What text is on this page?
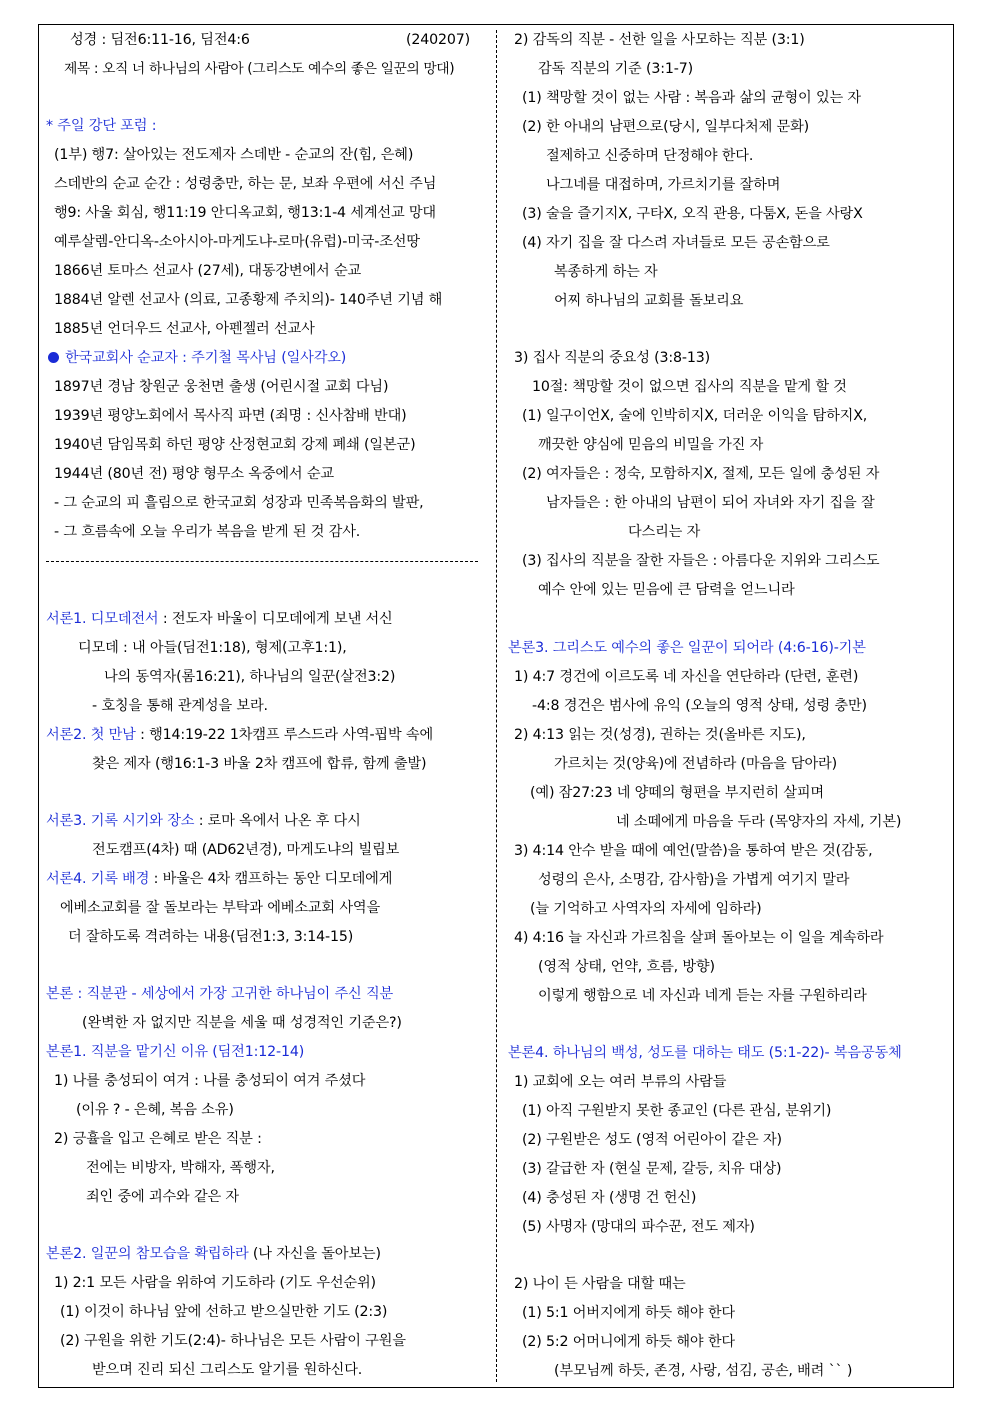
성경 : 딤전6:11-16, 딤전4:6	(240207)
제목 : 오직 너 하나님의 사람아 (그리스도 예수의 좋은 일꾼의 망대)
* 주일 강단 포럼 :
(1부) 행7: 살아있는 전도제자 스데반 - 순교의 잔(힘, 은혜)
스데반의 순교 순간 : 성령충만, 하는 문, 보좌 우편에 서신 주님
행9: 사울 회심, 행11:19 안디옥교회, 행13:1-4 세계선교 망대
예루살렘-안디옥-소아시아-마게도냐-로마(유럽)-미국-조선땅
1866년 토마스 선교사 (27세), 대동강변에서 순교
1884년 알렌 선교사 (의료, 고종황제 주치의)- 140주년 기념 해
1885년 언더우드 선교사, 아펜젤러 선교사
한국교회사 순교자 : 주기철 목사님 (일사각오)
1897년 경남 창원군 웅천면 출생 (어린시절 교회 다님)
1939년 평양노회에서 목사직 파면 (죄명 : 신사참배 반대)
1940년 담임목회 하던 평양 산정현교회 강제 폐쇄 (일본군)
1944년 (80년 전) 평양 형무소 옥중에서 순교
- 그 순교의 피 흘림으로 한국교회 성장과 민족복음화의 발판,
- 그 흐름속에 오늘 우리가 복음을 받게 된 것 감사.
서론1. 디모데전서 : 전도자 바울이 디모데에게 보낸 서신
디모데 : 내 아들(딤전1:18), 형제(고후1:1),
나의 동역자(롬16:21), 하나님의 일꾼(살전3:2)
- 호칭을 통해 관계성을 보라.
서론2. 첫 만남 : 행14:19-22 1차캠프 루스드라 사역-핍박 속에
찾은 제자 (행16:1-3 바울 2차 캠프에 합류, 함께 출발)
서론3. 기록 시기와 장소 : 로마 옥에서 나온 후 다시
전도캠프(4차) 때 (AD62년경), 마게도냐의 빌립보
서론4. 기록 배경 : 바울은 4차 캠프하는 동안 디모데에게
에베소교회를 잘 돌보라는 부탁과 에베소교회 사역을
더 잘하도록 격려하는 내용(딤전1:3, 3:14-15)
본론 : 직분관 - 세상에서 가장 고귀한 하나님이 주신 직분
(완벽한 자 없지만 직분을 세울 때 성경적인 기준은?)
본론1. 직분을 맡기신 이유 (딤전1:12-14)
1) 나를 충성되이 여겨 : 나를 충성되이 여겨 주셨다
(이유 ? - 은혜, 복음 소유)
2) 긍휼을 입고 은혜로 받은 직분 :
전에는 비방자, 박해자, 폭행자,
죄인 중에 괴수와 같은 자
본론2. 일꾼의 참모습을 확립하라 (나 자신을 돌아보는)
1) 2:1 모든 사람을 위하여 기도하라 (기도 우선순위)
(1) 이것이 하나님 앞에 선하고 받으실만한 기도 (2:3)
(2) 구원을 위한 기도(2:4)- 하나님은 모든 사람이 구원을
받으며 진리 되신 그리스도 알기를 원하신다.
2) 감독의 직분 - 선한 일을 사모하는 직분 (3:1)
감독 직분의 기준 (3:1-7)
(1) 책망할 것이 없는 사람 : 복음과 삶의 균형이 있는 자
(2) 한 아내의 남편으로(당시, 일부다처제 문화)
절제하고 신중하며 단정해야 한다.
나그네를 대접하며, 가르치기를 잘하며
(3) 술을 즐기지X, 구타X, 오직 관용, 다툼X, 돈을 사랑X
(4) 자기 집을 잘 다스려 자녀들로 모든 공손함으로
복종하게 하는 자
어찌 하나님의 교회를 돌보리요
3) 집사 직분의 중요성 (3:8-13)
10절: 책망할 것이 없으면 집사의 직분을 맡게 할 것
(1) 일구이언X, 술에 인박히지X, 더러운 이익을 탐하지X,
깨끗한 양심에 믿음의 비밀을 가진 자
(2) 여자들은 : 정숙, 모함하지X, 절제, 모든 일에 충성된 자
남자들은 : 한 아내의 남편이 되어 자녀와 자기 집을 잘
다스리는 자
(3) 집사의 직분을 잘한 자들은 : 아름다운 지위와 그리스도
예수 안에 있는 믿음에 큰 담력을 얻느니라
본론3. 그리스도 예수의 좋은 일꾼이 되어라 (4:6-16)-기본
1) 4:7 경건에 이르도록 네 자신을 연단하라 (단련, 훈련)
-4:8 경건은 범사에 유익 (오늘의 영적 상태, 성령 충만)
2) 4:13 읽는 것(성경), 권하는 것(올바른 지도),
가르치는 것(양육)에 전념하라 (마음을 담아라)
(예) 잠27:23 네 양떼의 형편을 부지런히 살피며
네 소떼에게 마음을 두라 (목양자의 자세, 기본)
3) 4:14 안수 받을 때에 예언(말씀)을 통하여 받은 것(감동,
성령의 은사, 소명감, 감사함)을 가볍게 여기지 말라
(늘 기억하고 사역자의 자세에 임하라)
4) 4:16 늘 자신과 가르침을 살펴 돌아보는 이 일을 계속하라
(영적 상태, 언약, 흐름, 방향)
이렇게 행함으로 네 자신과 네게 듣는 자를 구원하리라
본론4. 하나님의 백성, 성도를 대하는 태도 (5:1-22)- 복음공동체
1) 교회에 오는 여러 부류의 사람들
(1) 아직 구원받지 못한 종교인 (다른 관심, 분위기)
(2) 구원받은 성도 (영적 어린아이 같은 자)
(3) 갈급한 자 (현실 문제, 갈등, 치유 대상)
(4) 충성된 자 (생명 건 헌신)
(5) 사명자 (망대의 파수꾼, 전도 제자)
2) 나이 든 사람을 대할 때는
(1) 5:1 어버지에게 하듯 해야 한다
(2) 5:2 어머니에게 하듯 해야 한다
(부모님께 하듯, 존경, 사랑, 섬김, 공손, 배려 `` )
